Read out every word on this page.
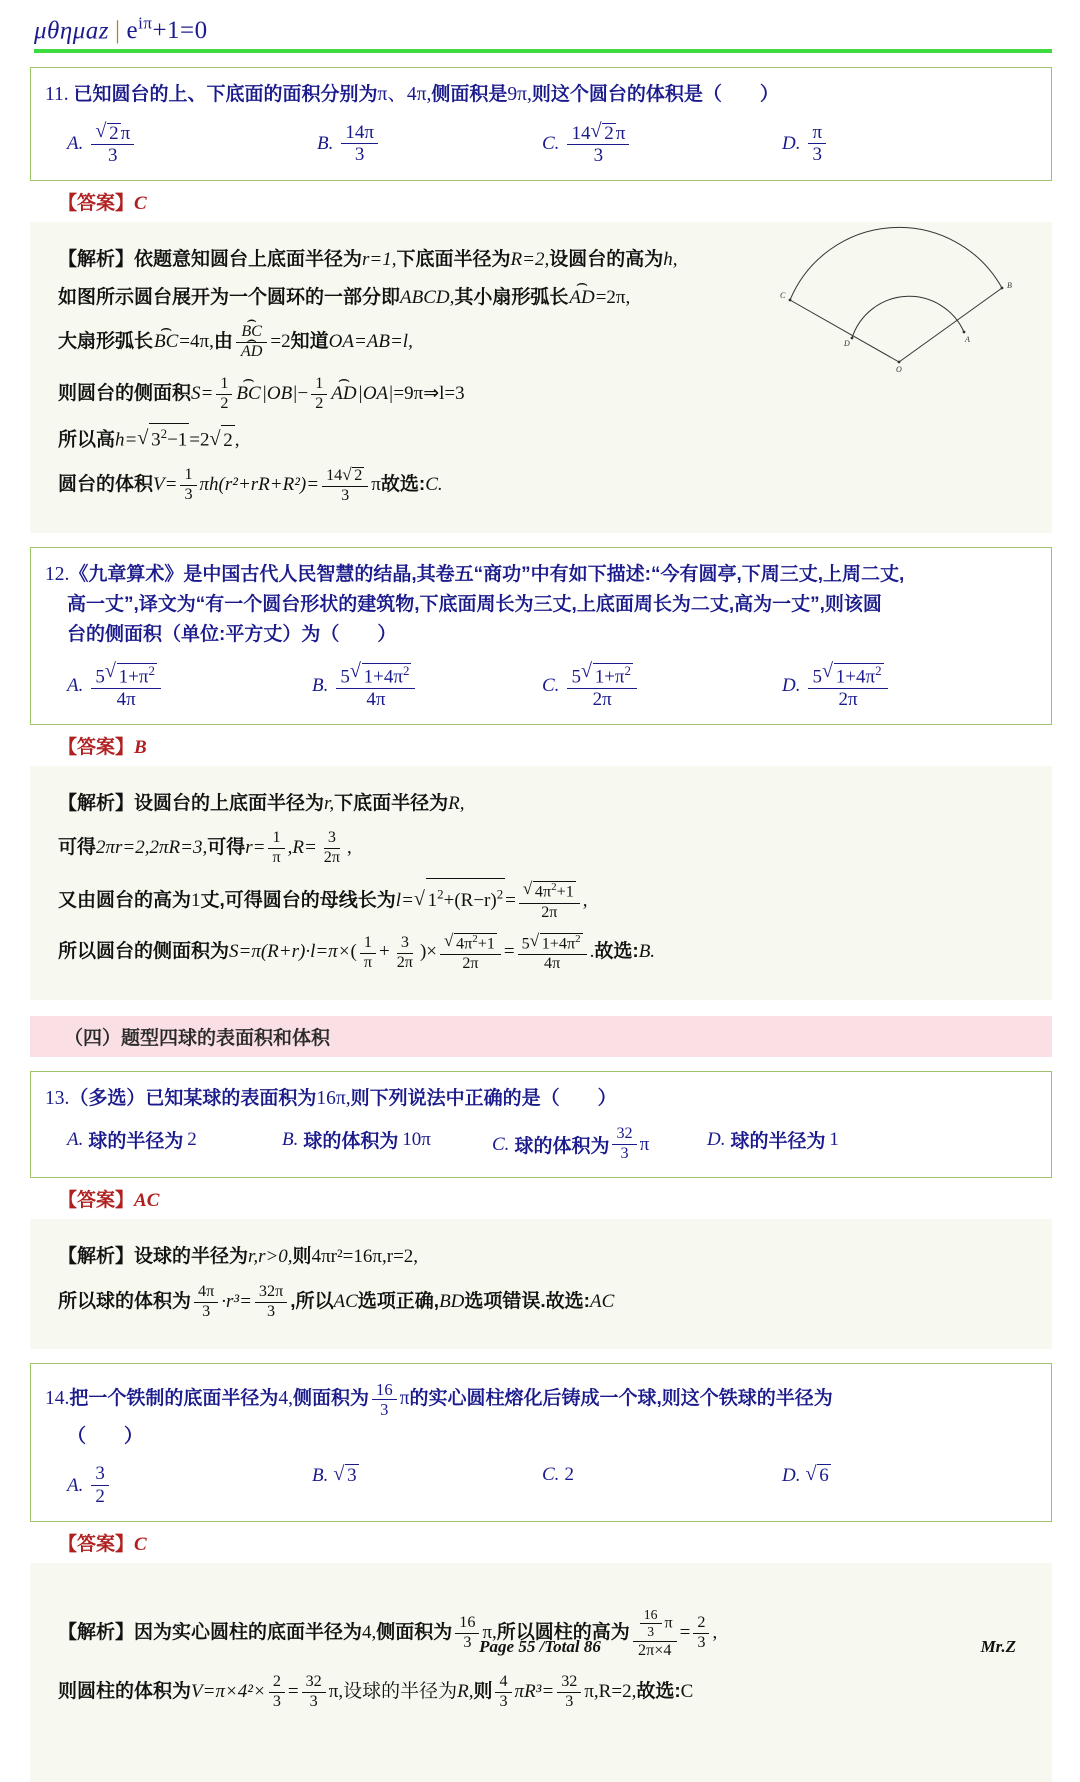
μθημaz | $e^{i\pi}+1=0$
11. 已知圆台的上、下底面的面积分别为π、4π,侧面积是9π,则这个圆台的体积是（　　）
A. √ $\frac{2 \pi}{3}$	B. $\frac{14\pi}{3}$	C. $\frac{14 √ 2 \pi}{3}$	D. $\frac{\pi}{3}$
【答案】C
C
B
D	A
O
【解析】依题意知圆台上底面半径为r=1,下底面半径为R=2,设圆台的高为h,
如图所示圆台展开为一个圆环的一部分即ABCD,其小扇形弧长⌢ AD=2π,
大扇形弧长⌢ BC=4π,由 ⌢ BC
⌢ AD =2知道OA=AB=l,
则圆台的侧面积$S= \frac{1}{2}$ ⌢ $BC|OB|- \frac{1}{2}$ ⌢ AD|OA|=9π⇒l=3
所以高h= √ $3^2-1 =2$ √ 2 ,
圆台的体积$V= \frac{1}{3} \pi h(r^2+rR+R^2)= \frac{14 √ 2}{3}$ π故选:C.
12.《九章算术》是中国古代人民智慧的结晶,其卷五“商功”中有如下描述:“今有圆亭,下周三丈,上周二丈,
高一丈”,译文为“有一个圆台形状的建筑物,下底面周长为三丈,上底面周长为二丈,高为一丈”,则该圆
台的侧面积（单位:平方丈）为（　　）
A. $\frac{5 √ 1+\pi^2}{4\pi}$	B. $\frac{5 √ 1+4\pi^2}{4\pi}$	C. $\frac{5 √ 1+\pi^2}{2\pi}$	D. $\frac{5 √ 1+4\pi^2}{2\pi}$
【答案】B
【解析】设圆台的上底面半径为r,下底面半径为R,
可得2πr=2,2πR=3,可得$r= \frac{1}{\pi} ,R= \frac{3}{2\pi}$ ,
又由圆台的高为1丈,可得圆台的母线长为l= √ $1^2+(R-r)^2$ = √ $\frac{4\pi^2+1}{2\pi}$ ,
所以圆台的侧面积为$S=\pi(R+r)\cdot l=\pi\times( \frac{1}{\pi} + \frac{3}{2\pi}$ )× √ $\frac{4\pi^2+1}{2\pi} = \frac{5 √ 1+4\pi^2}{4\pi}$ .故选:B.
（四）题型四球的表面积和体积
13.（多选）已知某球的表面积为16π,则下列说法中正确的是（　　）
A. 球的半径为
  2	B. 球的体积为
  10π	C. 球的体积为 $\frac{32}{3}$ π	D. 球的半径为
  1
【答案】AC
【解析】设球的半径为r,r>0,则4πr²=16π,r=2,
所以球的体积为 $\frac{4\pi}{3} \cdot r^3= \frac{32\pi}{3}$ ,所以AC选项正确,BD选项错误.故选:AC
14.把一个铁制的底面半径为4,侧面积为 $\frac{16}{3}$ π的实心圆柱熔化后铸成一个球,则这个铁球的半径为
（　　）
A. $\frac{3}{2}$	B. √ 3	C. 2	D. √ 6
【答案】C
【解析】因为实心圆柱的底面半径为4,侧面积为 $\frac{16}{3} \pi$,所以圆柱的高为 $\frac{\frac{16}{3} \pi}{2\pi\times 4} = \frac{2}{3}$ ,
则圆柱的体积为$V=\pi\times 4^2\times \frac{2}{3} = \frac{32}{3} \pi$,设球的半径为R,则 $\frac{4}{3} \pi R^3= \frac{32}{3} \pi,R=2$,故选:C
Page 55 /Total 86	Mr.Z
